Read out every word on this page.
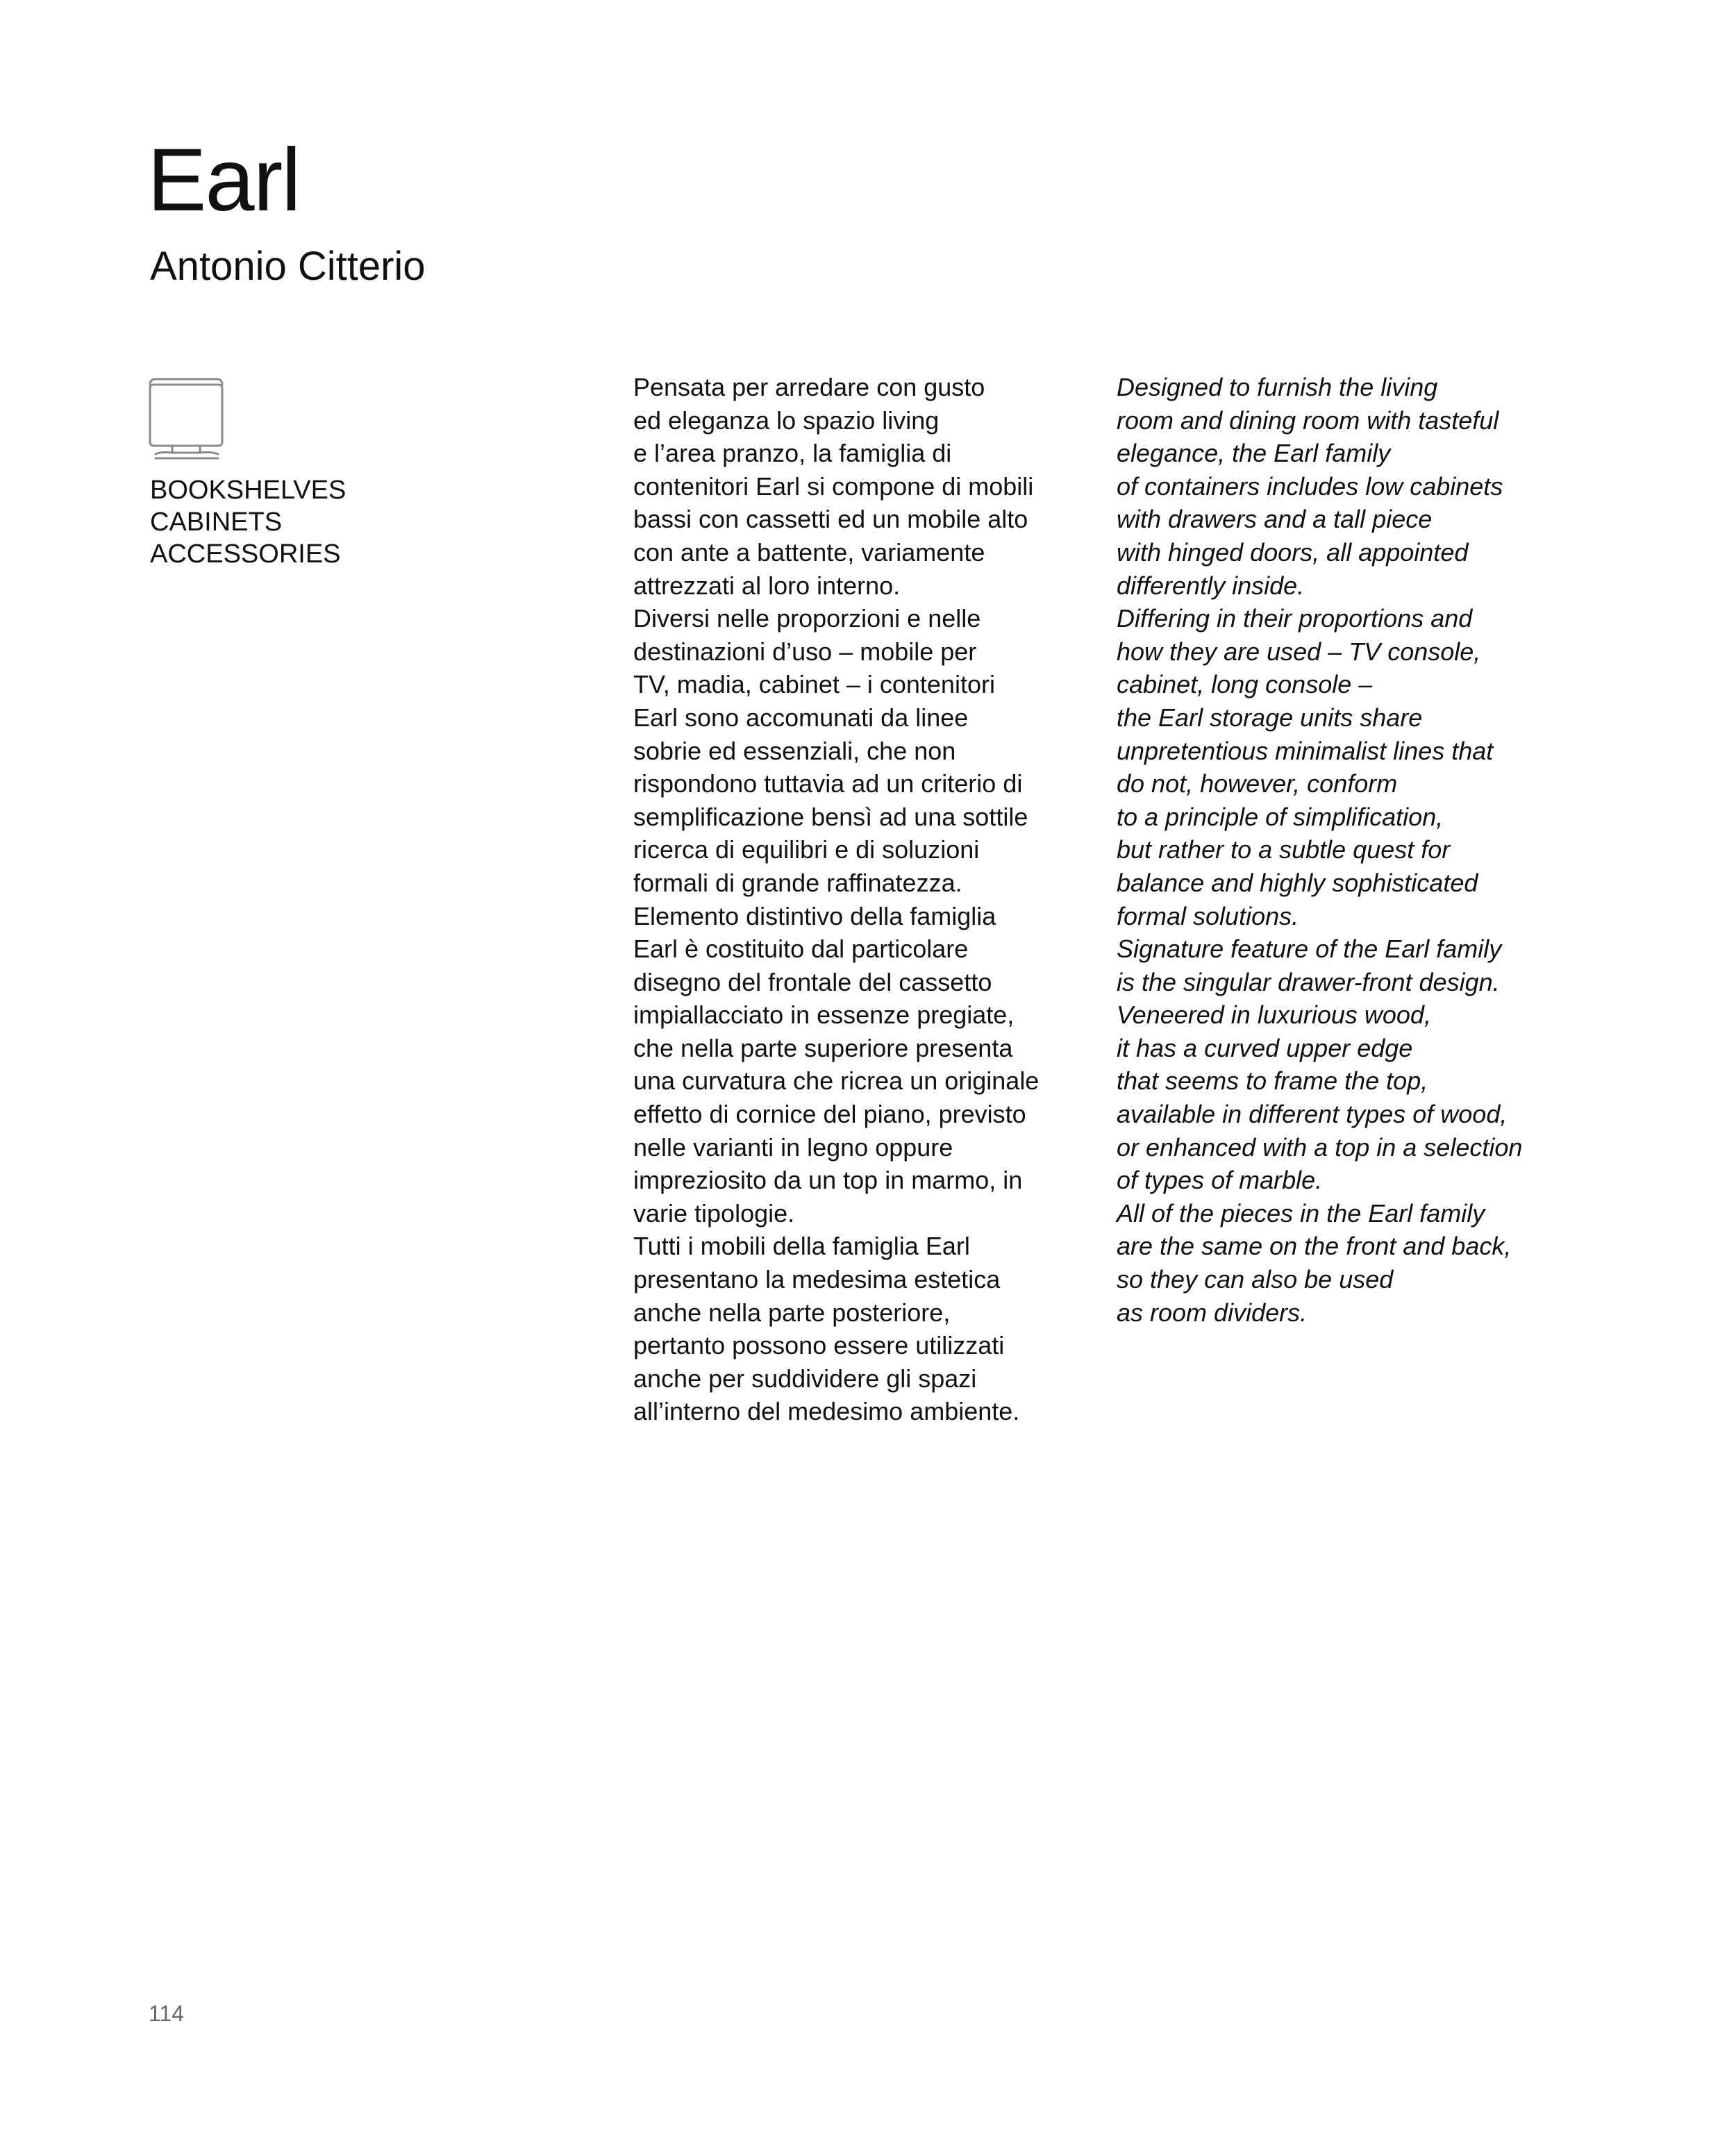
Earl
Antonio Citterio
BOOKSHELVES
CABINETS
ACCESSORIES

Pensata per arredare con gusto
ed eleganza lo spazio living
e l’area pranzo, la famiglia di
contenitori Earl si compone di mobili
bassi con cassetti ed un mobile alto
con ante a battente, variamente
attrezzati al loro interno.
Diversi nelle proporzioni e nelle
destinazioni d’uso – mobile per
TV, madia, cabinet – i contenitori
Earl sono accomunati da linee
sobrie ed essenziali, che non
rispondono tuttavia ad un criterio di
semplificazione bensì ad una sottile
ricerca di equilibri e di soluzioni
formali di grande raffinatezza.
Elemento distintivo della famiglia
Earl è costituito dal particolare
disegno del frontale del cassetto
impiallacciato in essenze pregiate,
che nella parte superiore presenta
una curvatura che ricrea un originale
effetto di cornice del piano, previsto
nelle varianti in legno oppure
impreziosito da un top in marmo, in
varie tipologie.
Tutti i mobili della famiglia Earl
presentano la medesima estetica
anche nella parte posteriore,
pertanto possono essere utilizzati
anche per suddividere gli spazi
all’interno del medesimo ambiente.

Designed to furnish the living
room and dining room with tasteful
elegance, the Earl family
of containers includes low cabinets
with drawers and a tall piece
with hinged doors, all appointed
differently inside.
Differing in their proportions and
how they are used – TV console,
cabinet, long console –
the Earl storage units share
unpretentious minimalist lines that
do not, however, conform
to a principle of simplification,
but rather to a subtle quest for
balance and highly sophisticated
formal solutions.
Signature feature of the Earl family
is the singular drawer-front design.
Veneered in luxurious wood,
it has a curved upper edge
that seems to frame the top,
available in different types of wood,
or enhanced with a top in a selection
of types of marble.
All of the pieces in the Earl family
are the same on the front and back,
so they can also be used
as room dividers.

114
